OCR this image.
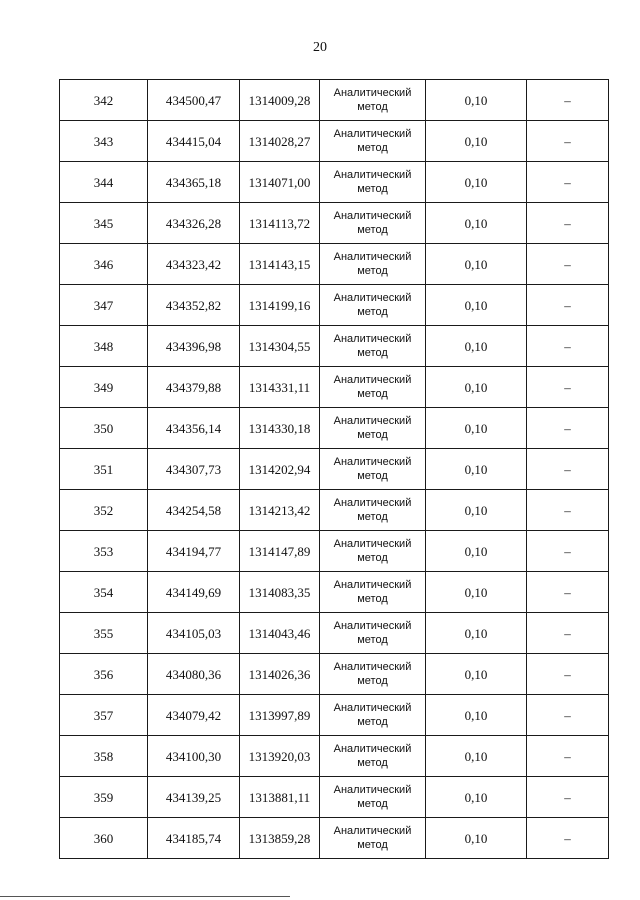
20
342	434500,47	1314009,28	Аналитический метод	0,10	–
343	434415,04	1314028,27	Аналитический метод	0,10	–
344	434365,18	1314071,00	Аналитический метод	0,10	–
345	434326,28	1314113,72	Аналитический метод	0,10	–
346	434323,42	1314143,15	Аналитический метод	0,10	–
347	434352,82	1314199,16	Аналитический метод	0,10	–
348	434396,98	1314304,55	Аналитический метод	0,10	–
349	434379,88	1314331,11	Аналитический метод	0,10	–
350	434356,14	1314330,18	Аналитический метод	0,10	–
351	434307,73	1314202,94	Аналитический метод	0,10	–
352	434254,58	1314213,42	Аналитический метод	0,10	–
353	434194,77	1314147,89	Аналитический метод	0,10	–
354	434149,69	1314083,35	Аналитический метод	0,10	–
355	434105,03	1314043,46	Аналитический метод	0,10	–
356	434080,36	1314026,36	Аналитический метод	0,10	–
357	434079,42	1313997,89	Аналитический метод	0,10	–
358	434100,30	1313920,03	Аналитический метод	0,10	–
359	434139,25	1313881,11	Аналитический метод	0,10	–
360	434185,74	1313859,28	Аналитический метод	0,10	–
